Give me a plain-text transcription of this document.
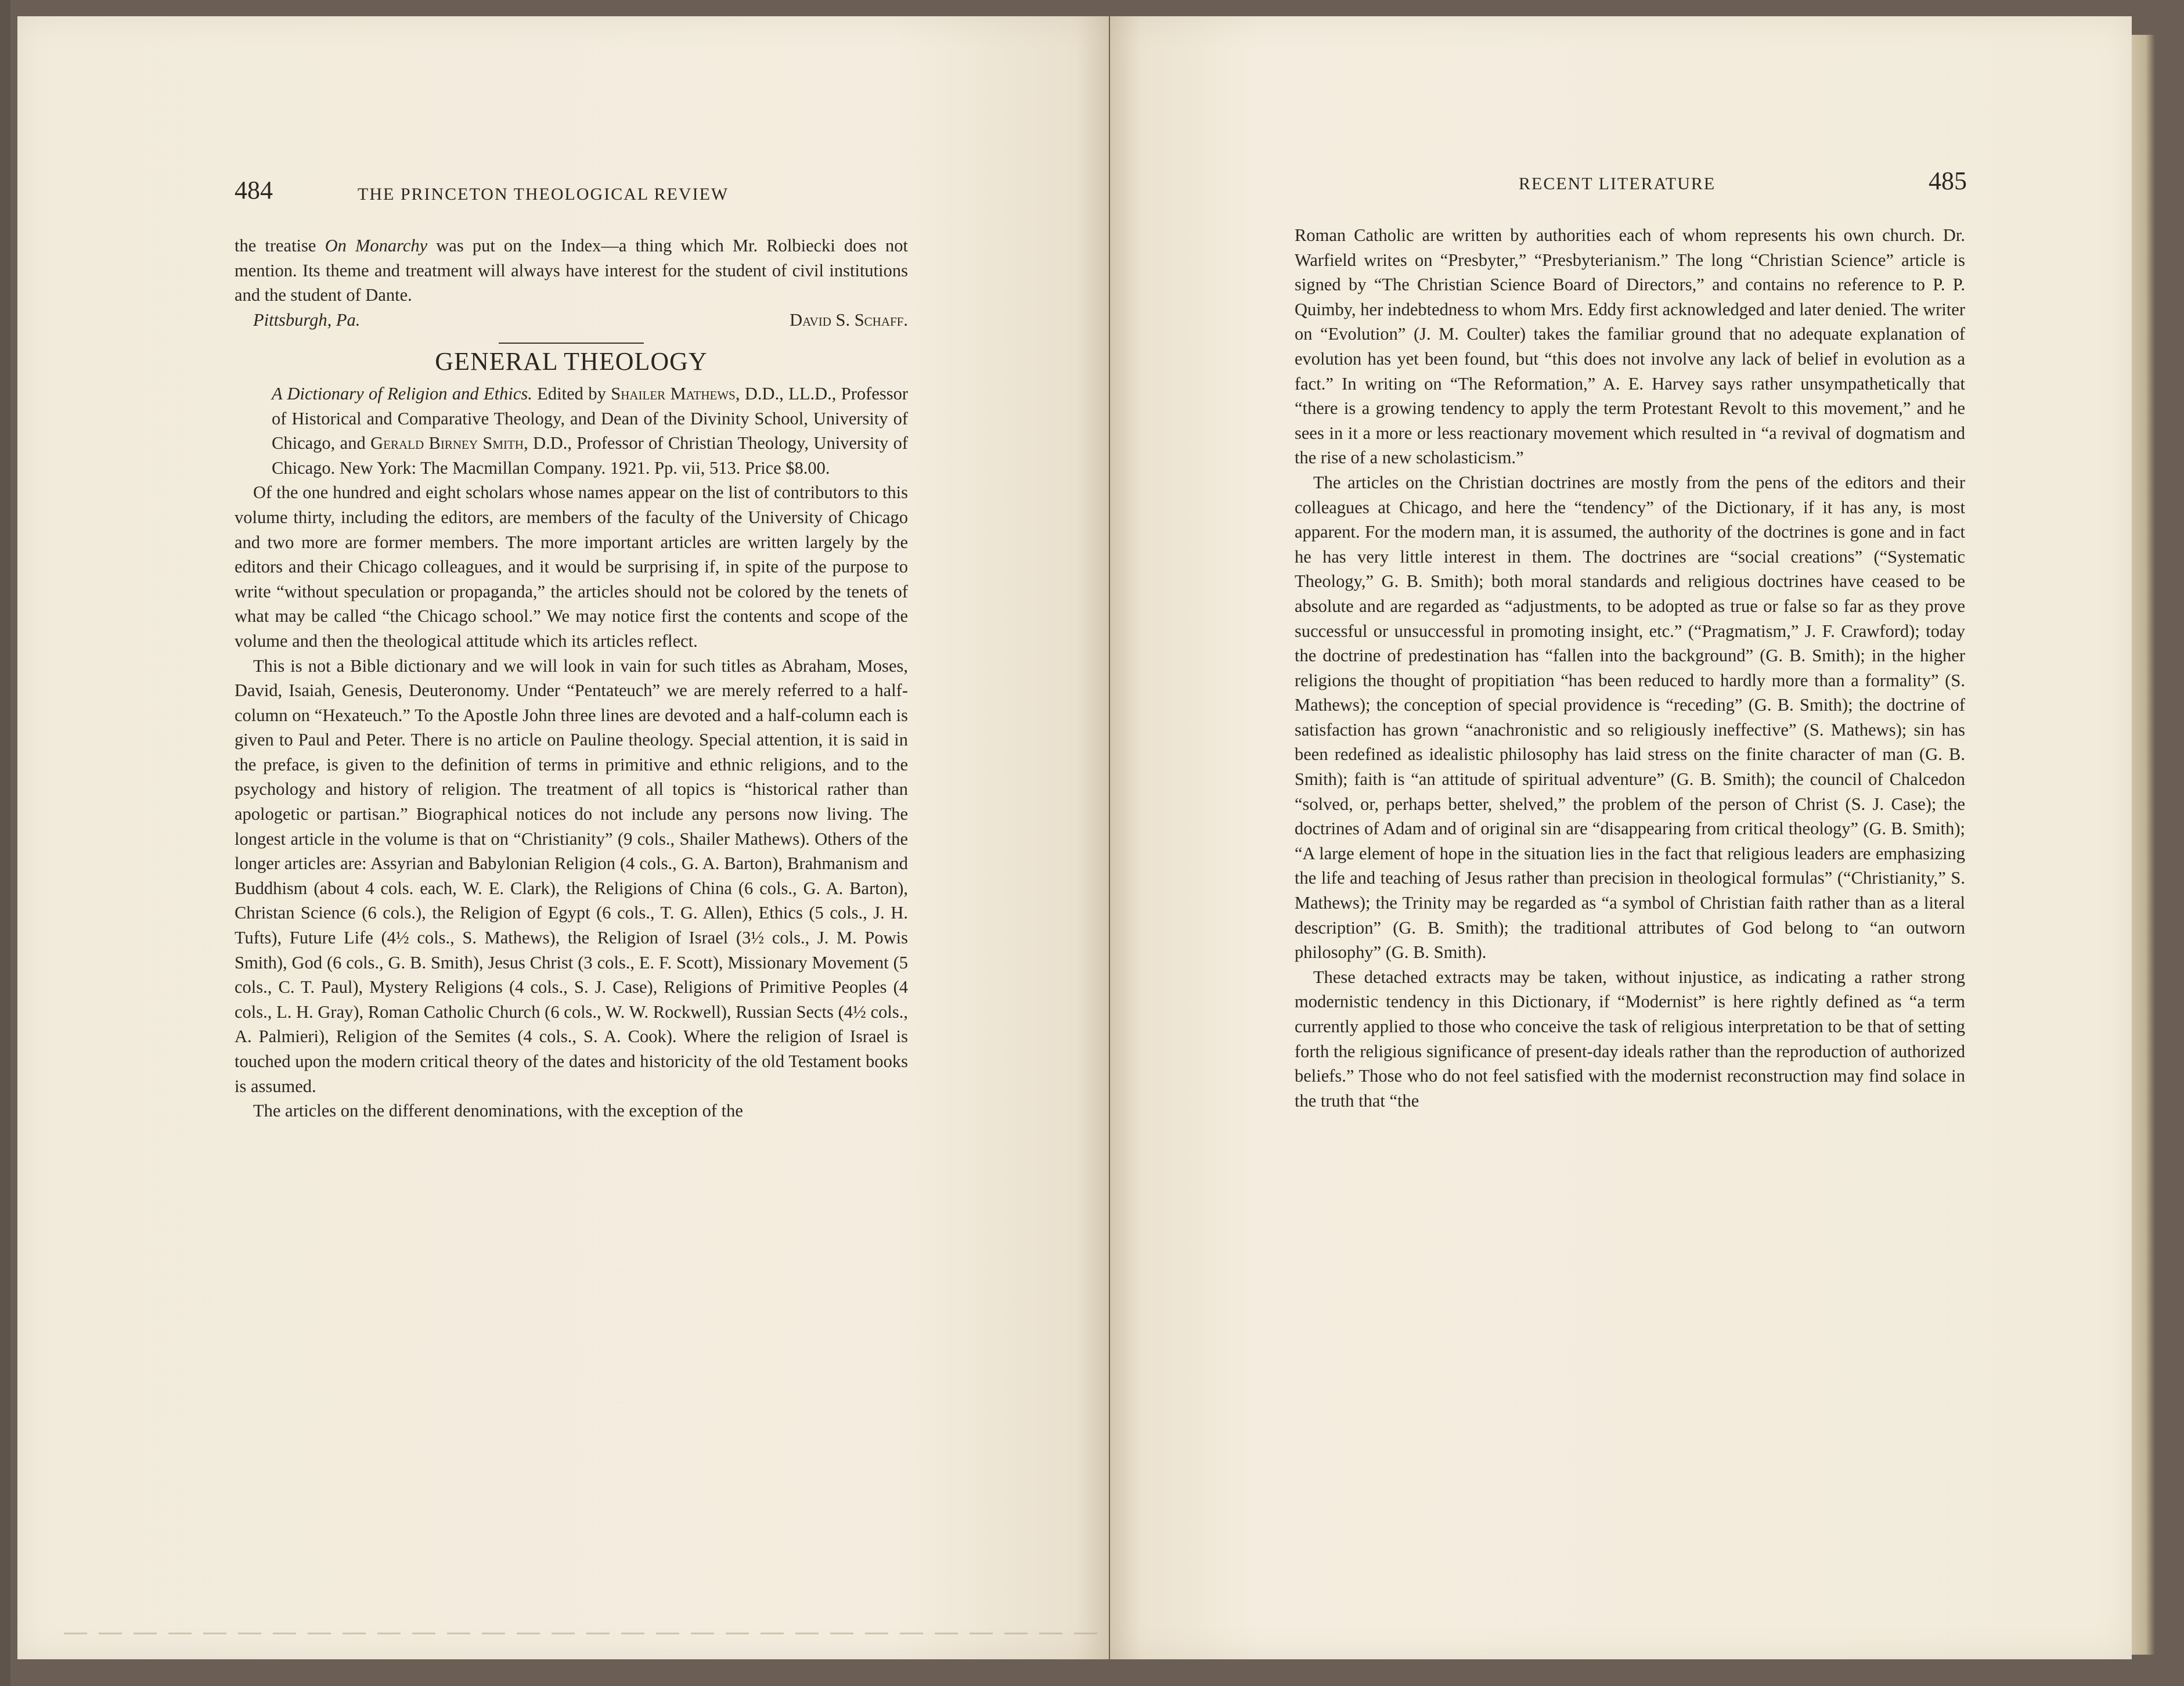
484	THE PRINCETON THEOLOGICAL REVIEW

the treatise On Monarchy was put on the Index—a thing which Mr. Rolbiecki does not mention. Its theme and treatment will always have interest for the student of civil institutions and the student of Dante.

Pittsburgh, Pa.	David S. Schaff.
GENERAL THEOLOGY

A Dictionary of Religion and Ethics. Edited by Shailer Mathews, D.D., LL.D., Professor of Historical and Comparative Theology, and Dean of the Divinity School, University of Chicago, and Gerald Birney Smith, D.D., Professor of Christian Theology, University of Chicago. New York: The Macmillan Company. 1921. Pp. vii, 513. Price $8.00.

Of the one hundred and eight scholars whose names appear on the list of contributors to this volume thirty, including the editors, are members of the faculty of the University of Chicago and two more are former members. The more important articles are written largely by the editors and their Chicago colleagues, and it would be surprising if, in spite of the purpose to write “without speculation or propaganda,” the articles should not be colored by the tenets of what may be called “the Chicago school.” We may notice first the contents and scope of the volume and then the theological attitude which its articles reflect.

This is not a Bible dictionary and we will look in vain for such titles as Abraham, Moses, David, Isaiah, Genesis, Deuteronomy. Under “Pentateuch” we are merely referred to a half-column on “Hexateuch.” To the Apostle John three lines are devoted and a half-column each is given to Paul and Peter. There is no article on Pauline theology. Special attention, it is said in the preface, is given to the definition of terms in primitive and ethnic religions, and to the psychology and history of religion. The treatment of all topics is “historical rather than apologetic or partisan.” Biographical notices do not include any persons now living. The longest article in the volume is that on “Christianity” (9 cols., Shailer Mathews). Others of the longer articles are: Assyrian and Babylonian Religion (4 cols., G. A. Barton), Brahmanism and Buddhism (about 4 cols. each, W. E. Clark), the Religions of China (6 cols., G. A. Barton), Christan Science (6 cols.), the Religion of Egypt (6 cols., T. G. Allen), Ethics (5 cols., J. H. Tufts), Future Life (4½ cols., S. Mathews), the Religion of Israel (3½ cols., J. M. Powis Smith), God (6 cols., G. B. Smith), Jesus Christ (3 cols., E. F. Scott), Missionary Movement (5 cols., C. T. Paul), Mystery Religions (4 cols., S. J. Case), Religions of Primitive Peoples (4 cols., L. H. Gray), Roman Catholic Church (6 cols., W. W. Rockwell), Russian Sects (4½ cols., A. Palmieri), Religion of the Semites (4 cols., S. A. Cook). Where the religion of Israel is touched upon the modern critical theory of the dates and historicity of the old Testament books is assumed.

The articles on the different denominations, with the exception of the

RECENT LITERATURE	485

Roman Catholic are written by authorities each of whom represents his own church. Dr. Warfield writes on “Presbyter,” “Presbyterianism.” The long “Christian Science” article is signed by “The Christian Science Board of Directors,” and contains no reference to P. P. Quimby, her indebtedness to whom Mrs. Eddy first acknowledged and later denied. The writer on “Evolution” (J. M. Coulter) takes the familiar ground that no adequate explanation of evolution has yet been found, but “this does not involve any lack of belief in evolution as a fact.” In writing on “The Reformation,” A. E. Harvey says rather unsympathetically that “there is a growing tendency to apply the term Protestant Revolt to this movement,” and he sees in it a more or less reactionary movement which resulted in “a revival of dogmatism and the rise of a new scholasticism.”

The articles on the Christian doctrines are mostly from the pens of the editors and their colleagues at Chicago, and here the “tendency” of the Dictionary, if it has any, is most apparent. For the modern man, it is assumed, the authority of the doctrines is gone and in fact he has very little interest in them. The doctrines are “social creations” (“Systematic Theology,” G. B. Smith); both moral standards and religious doctrines have ceased to be absolute and are regarded as “adjustments, to be adopted as true or false so far as they prove successful or unsuccessful in promoting insight, etc.” (“Pragmatism,” J. F. Crawford); today the doctrine of predestination has “fallen into the background” (G. B. Smith); in the higher religions the thought of propitiation “has been reduced to hardly more than a formality” (S. Mathews); the conception of special providence is “receding” (G. B. Smith); the doctrine of satisfaction has grown “anachronistic and so religiously ineffective” (S. Mathews); sin has been redefined as idealistic philosophy has laid stress on the finite character of man (G. B. Smith); faith is “an attitude of spiritual adventure” (G. B. Smith); the council of Chalcedon “solved, or, perhaps better, shelved,” the problem of the person of Christ (S. J. Case); the doctrines of Adam and of original sin are “disappearing from critical theology” (G. B. Smith); “A large element of hope in the situation lies in the fact that religious leaders are emphasizing the life and teaching of Jesus rather than precision in theological formulas” (“Christianity,” S. Mathews); the Trinity may be regarded as “a symbol of Christian faith rather than as a literal description” (G. B. Smith); the traditional attributes of God belong to “an outworn philosophy” (G. B. Smith).

These detached extracts may be taken, without injustice, as indicating a rather strong modernistic tendency in this Dictionary, if “Modernist” is here rightly defined as “a term currently applied to those who conceive the task of religious interpretation to be that of setting forth the religious significance of present-day ideals rather than the reproduction of authorized beliefs.” Those who do not feel satisfied with the modernist reconstruction may find solace in the truth that “the
